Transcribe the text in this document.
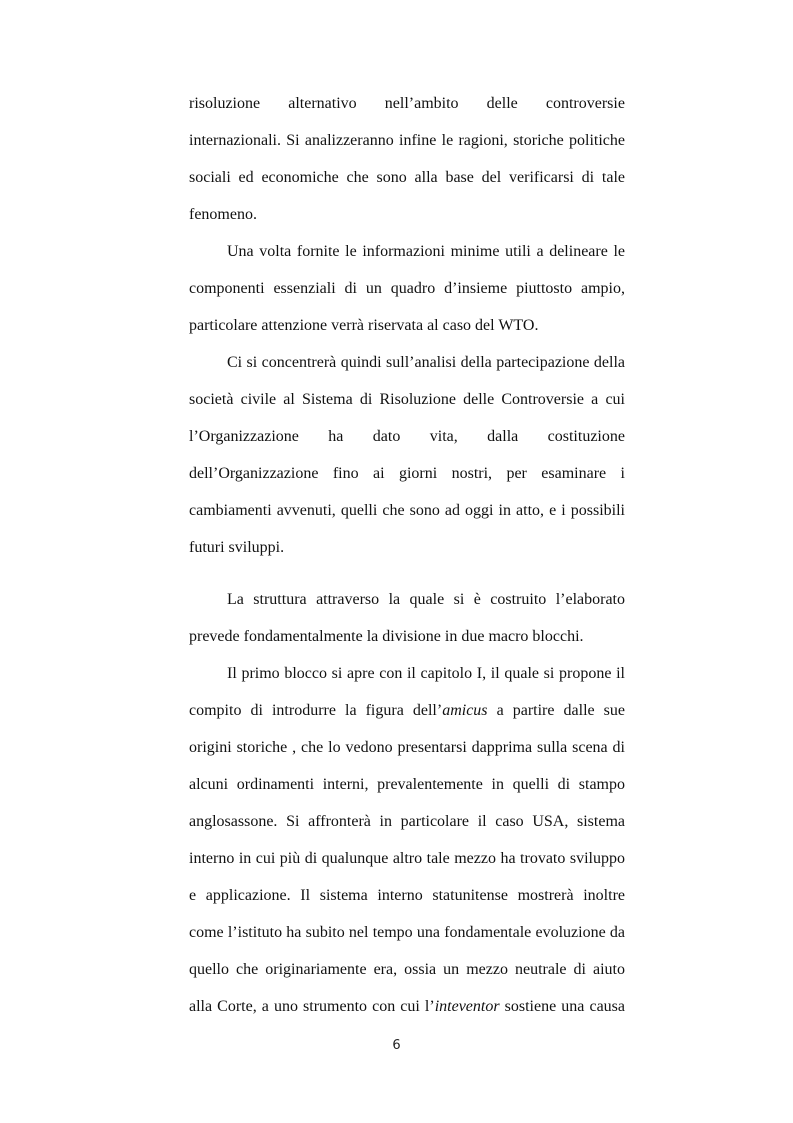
risoluzione alternativo nell’ambito delle controversie
internazionali. Si analizzeranno infine le ragioni, storiche politiche
sociali ed economiche che sono alla base del verificarsi di tale
fenomeno.
Una volta fornite le informazioni minime utili a delineare le
componenti essenziali di un quadro d’insieme piuttosto ampio,
particolare attenzione verrà riservata al caso del WTO.
Ci si concentrerà quindi sull’analisi della partecipazione della
società civile al Sistema di Risoluzione delle Controversie a cui
l’Organizzazione ha dato vita, dalla costituzione
dell’Organizzazione fino ai giorni nostri, per esaminare i
cambiamenti avvenuti, quelli che sono ad oggi in atto, e i possibili
futuri sviluppi.
La struttura attraverso la quale si è costruito l’elaborato
prevede fondamentalmente la divisione in due macro blocchi.
Il primo blocco si apre con il capitolo I, il quale si propone il
compito di introdurre la figura dell’amicus a partire dalle sue
origini storiche , che lo vedono presentarsi dapprima sulla scena di
alcuni ordinamenti interni, prevalentemente in quelli di stampo
anglosassone. Si affronterà in particolare il caso USA, sistema
interno in cui più di qualunque altro tale mezzo ha trovato sviluppo
e applicazione. Il sistema interno statunitense mostrerà inoltre
come l’istituto ha subito nel tempo una fondamentale evoluzione da
quello che originariamente era, ossia un mezzo neutrale di aiuto
alla Corte, a uno strumento con cui l’inteventor sostiene una causa
6
